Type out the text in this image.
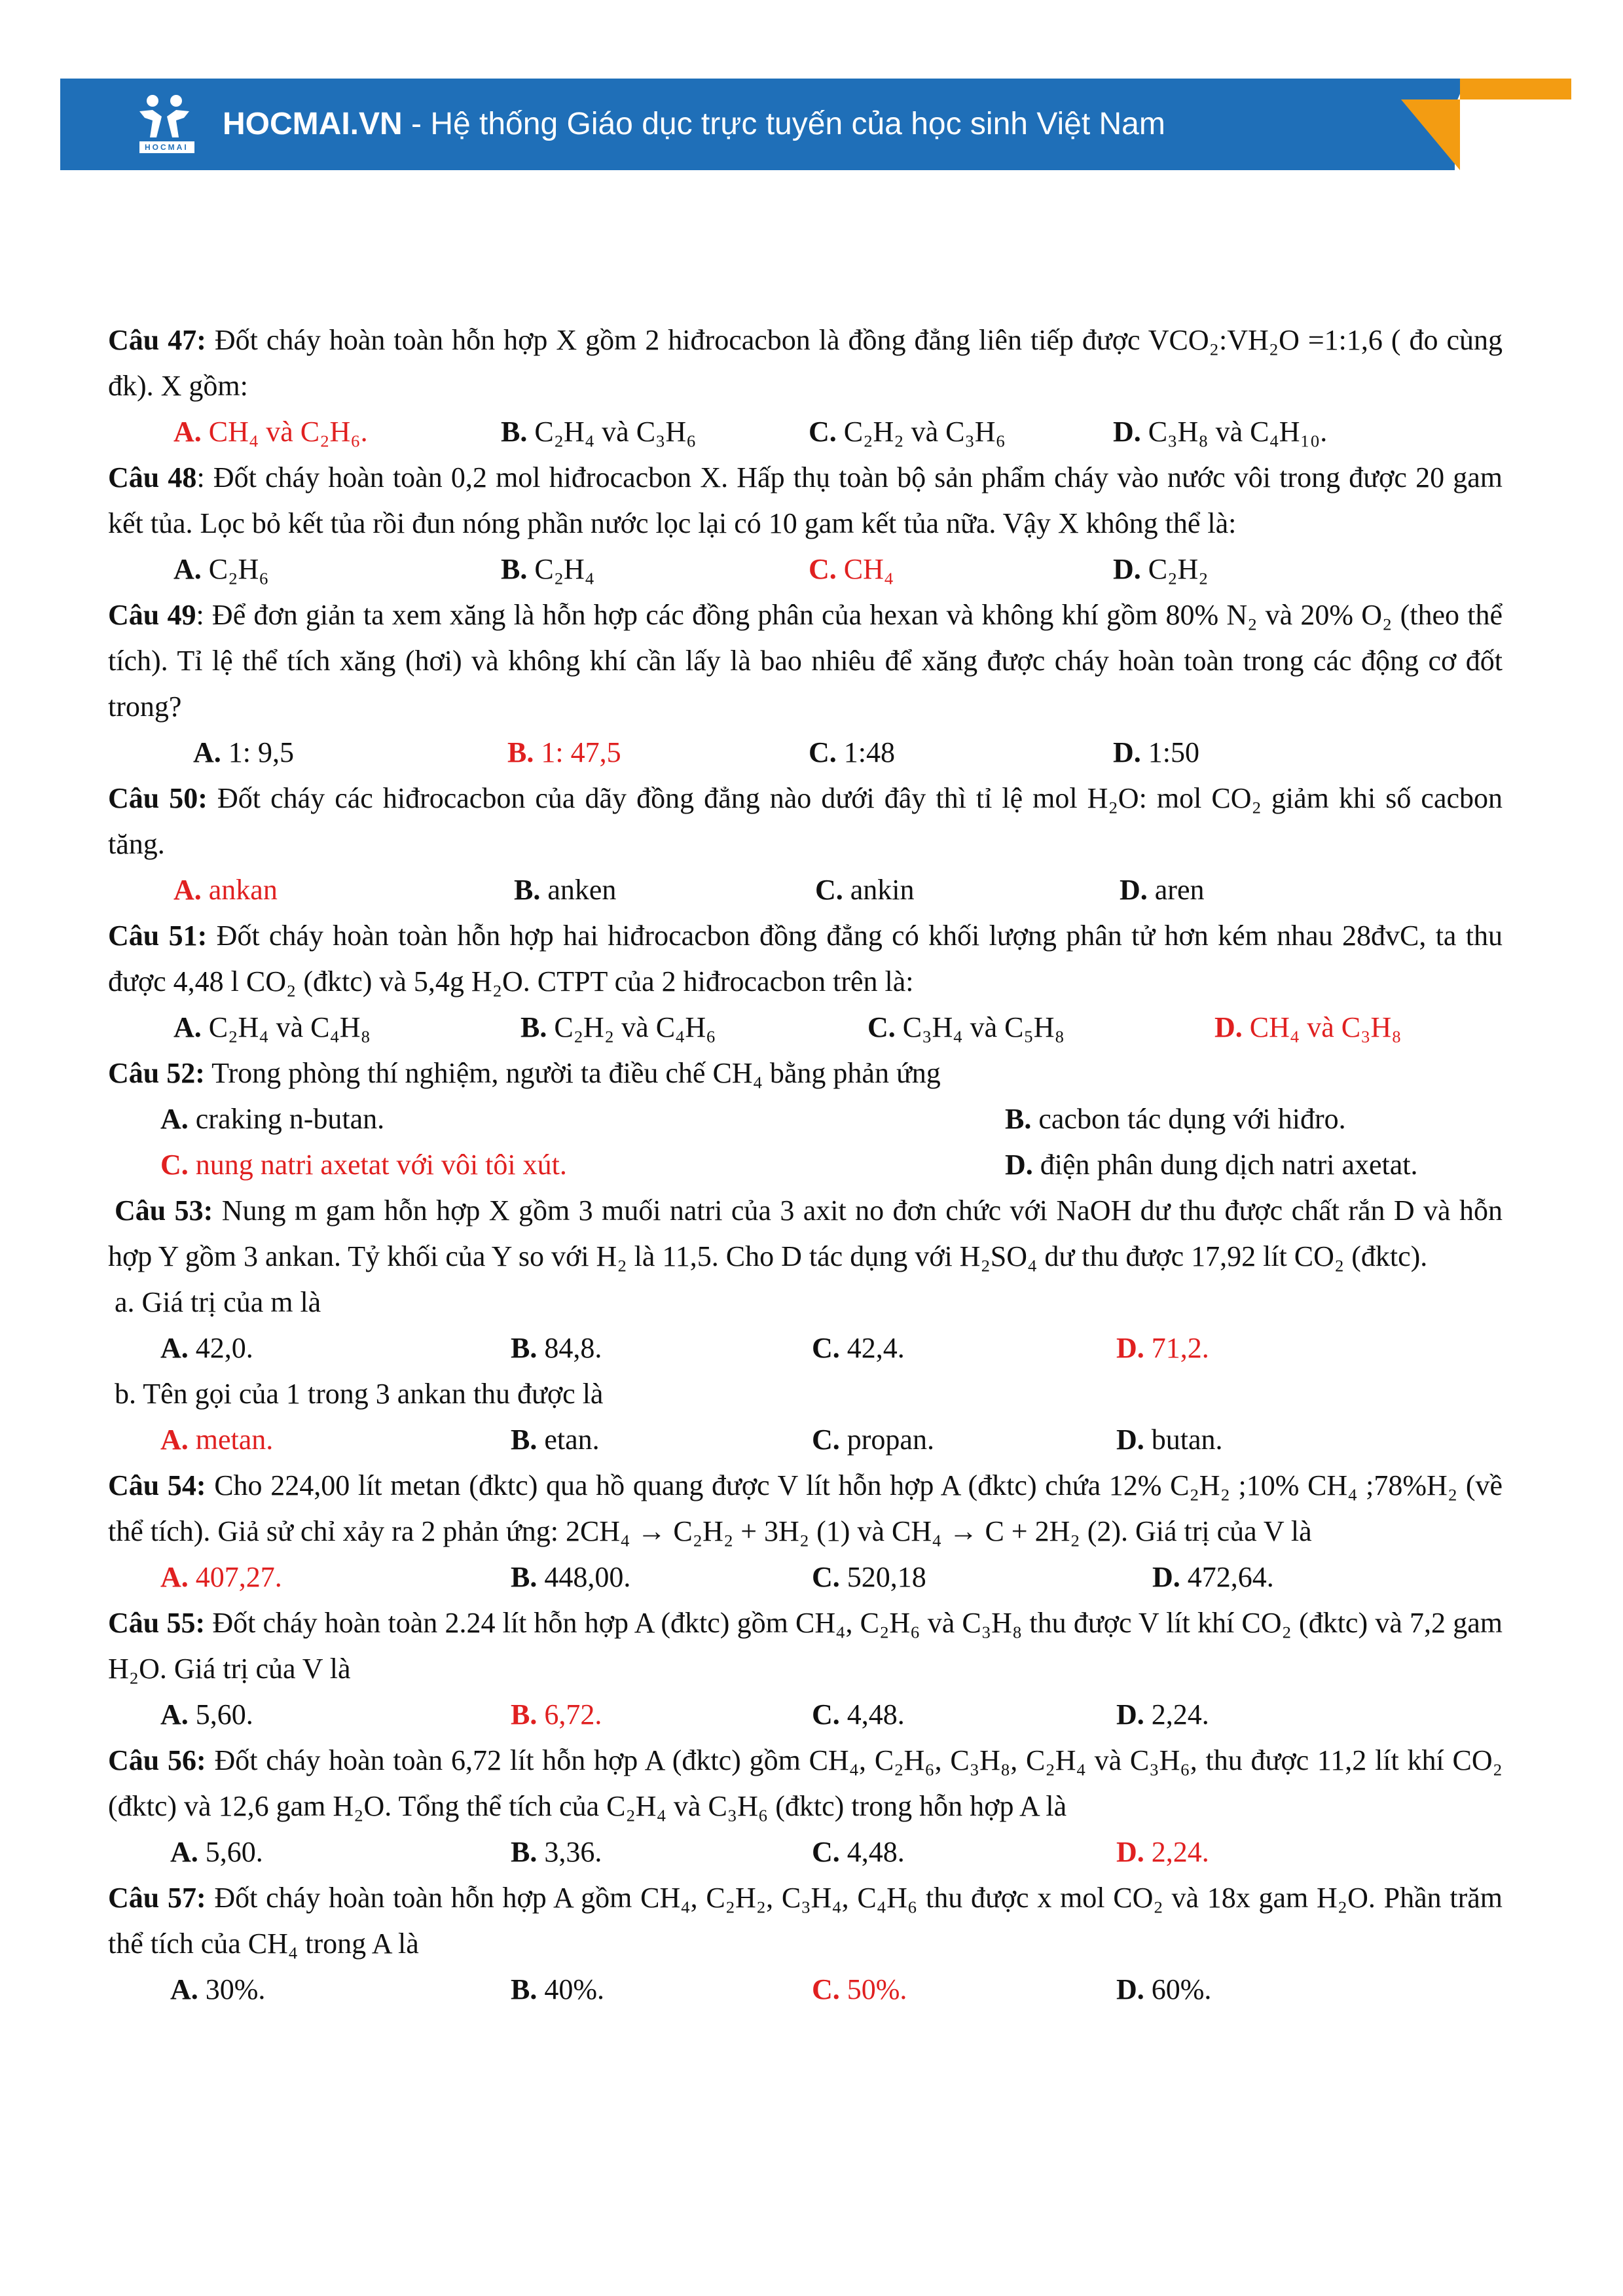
HOCMAI
HOCMAI.VN - Hệ thống Giáo dục trực tuyến của học sinh Việt Nam

Câu 47: Đốt cháy hoàn toàn hỗn hợp X gồm 2 hiđrocacbon là đồng đẳng liên tiếp được VCO₂:VH₂O =1:1,6 ( đo cùng đk). X gồm:

A. CH₄ và C₂H₆.	B. C₂H₄ và C₃H₆	C. C₂H₂ và C₃H₆	D. C₃H₈ và C₄H₁₀.

Câu 48: Đốt cháy hoàn toàn 0,2 mol hiđrocacbon X. Hấp thụ toàn bộ sản phẩm cháy vào nước vôi trong được 20 gam kết tủa. Lọc bỏ kết tủa rồi đun nóng phần nước lọc lại có 10 gam kết tủa nữa. Vậy X không thể là:

A. C₂H₆	B. C₂H₄	C. CH₄	D. C₂H₂

Câu 49: Để đơn giản ta xem xăng là hỗn hợp các đồng phân của hexan và không khí gồm 80% N₂ và 20% O₂ (theo thể tích). Tỉ lệ thể tích xăng (hơi) và không khí cần lấy là bao nhiêu để xăng được cháy hoàn toàn trong các động cơ đốt trong?

A. 1: 9,5	B. 1: 47,5	C. 1:48	D. 1:50

Câu 50: Đốt cháy các hiđrocacbon của dãy đồng đẳng nào dưới đây thì tỉ lệ mol H₂O: mol CO₂ giảm khi số cacbon tăng.

A. ankan	B. anken	C. ankin	D. aren

Câu 51: Đốt cháy hoàn toàn hỗn hợp hai hiđrocacbon đồng đẳng có khối lượng phân tử hơn kém nhau 28đvC, ta thu được 4,48 l CO₂ (đktc) và 5,4g H₂O. CTPT của 2 hiđrocacbon trên là:

A. C₂H₄ và C₄H₈	B. C₂H₂ và C₄H₆	C. C₃H₄ và C₅H₈	D. CH₄ và C₃H₈

Câu 52: Trong phòng thí nghiệm, người ta điều chế CH₄ bằng phản ứng

A. craking n-butan.	B. cacbon tác dụng với hiđro.
C. nung natri axetat với vôi tôi xút.	D. điện phân dung dịch natri axetat.

Câu 53: Nung m gam hỗn hợp X gồm 3 muối natri của 3 axit no đơn chức với NaOH dư thu được chất rắn D và hỗn hợp Y gồm 3 ankan. Tỷ khối của Y so với H₂ là 11,5. Cho D tác dụng với H₂SO₄ dư thu được 17,92 lít CO₂ (đktc).

a. Giá trị của m là

A. 42,0.	B. 84,8.	C. 42,4.	D. 71,2.

b. Tên gọi của 1 trong 3 ankan thu được là

A. metan.	B. etan.	C. propan.	D. butan.

Câu 54: Cho 224,00 lít metan (đktc) qua hồ quang được V lít hỗn hợp A (đktc) chứa 12% C₂H₂ ;10% CH₄ ;78%H₂ (về thể tích). Giả sử chỉ xảy ra 2 phản ứng: 2CH₄ → C₂H₂ + 3H₂ (1) và CH₄ → C + 2H₂ (2). Giá trị của V là

A. 407,27.	B. 448,00.	C. 520,18	D. 472,64.

Câu 55: Đốt cháy hoàn toàn 2.24 lít hỗn hợp A (đktc) gồm CH₄, C₂H₆ và C₃H₈ thu được V lít khí CO₂ (đktc) và 7,2 gam H₂O. Giá trị của V là

A. 5,60.	B. 6,72.	C. 4,48.	D. 2,24.

Câu 56: Đốt cháy hoàn toàn 6,72 lít hỗn hợp A (đktc) gồm CH₄, C₂H₆, C₃H₈, C₂H₄ và C₃H₆, thu được 11,2 lít khí CO₂ (đktc) và 12,6 gam H₂O. Tổng thể tích của C₂H₄ và C₃H₆ (đktc) trong hỗn hợp A là

A. 5,60.	B. 3,36.	C. 4,48.	D. 2,24.

Câu 57: Đốt cháy hoàn toàn hỗn hợp A gồm CH₄, C₂H₂, C₃H₄, C₄H₆ thu được x mol CO₂ và 18x gam H₂O. Phần trăm thể tích của CH₄ trong A là

A. 30%.	B. 40%.	C. 50%.	D. 60%.
